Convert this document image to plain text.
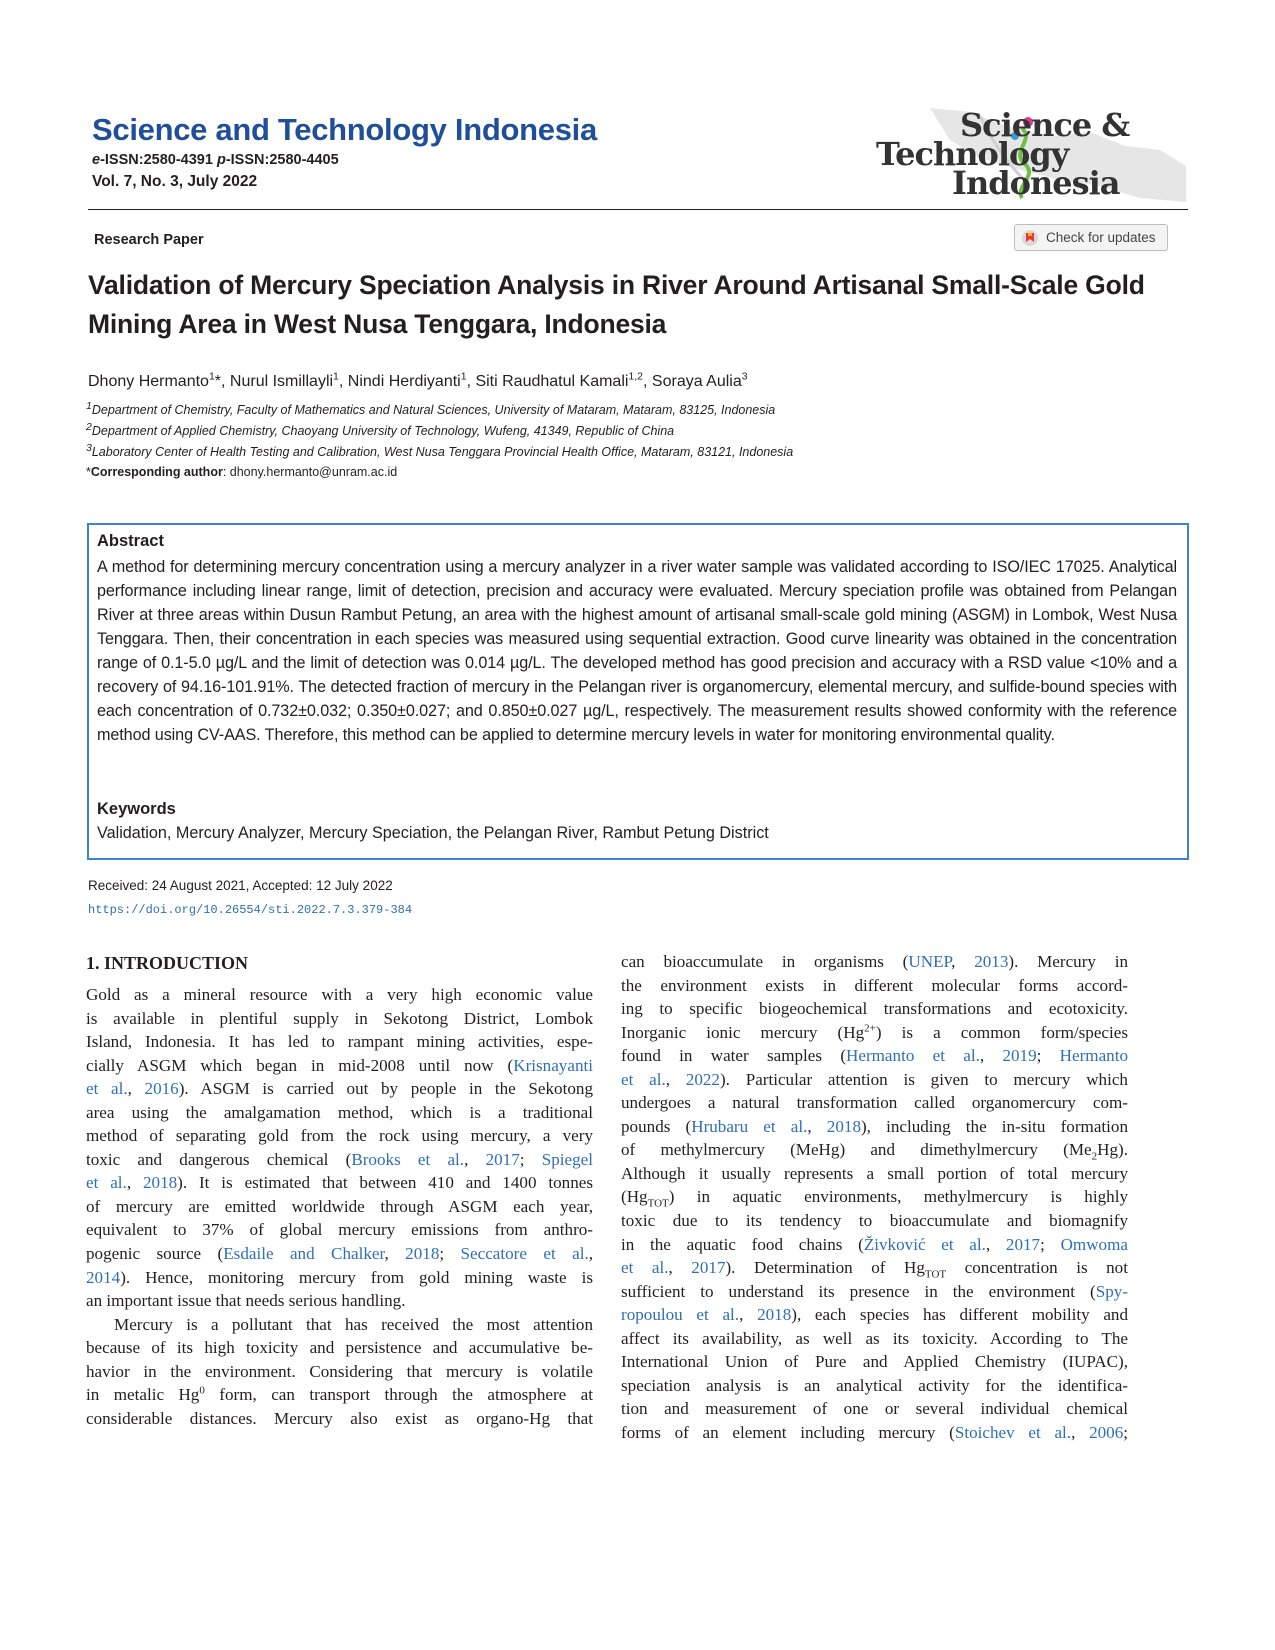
Science and Technology Indonesia
e-ISSN:2580-4391 p-ISSN:2580-4405
Vol. 7, No. 3, July 2022
Science &
Technology
Indonesia
Research Paper	Check for updates
Validation of Mercury Speciation Analysis in River Around Artisanal Small-Scale Gold Mining Area in West Nusa Tenggara, Indonesia
Dhony Hermanto$^1$*, Nurul Ismillayli$^1$, Nindi Herdiyanti$^1$, Siti Raudhatul Kamali$^{1,2}$, Soraya Aulia$^3$
$^1$Department of Chemistry, Faculty of Mathematics and Natural Sciences, University of Mataram, Mataram, 83125, Indonesia
$^2$Department of Applied Chemistry, Chaoyang University of Technology, Wufeng, 41349, Republic of China
$^3$Laboratory Center of Health Testing and Calibration, West Nusa Tenggara Provincial Health Office, Mataram, 83121, Indonesia
*Corresponding author: dhony.hermanto@unram.ac.id
Abstract
A method for determining mercury concentration using a mercury analyzer in a river water sample was validated according to ISO/IEC 17025. Analytical performance including linear range, limit of detection, precision and accuracy were evaluated. Mercury speciation profile was obtained from Pelangan River at three areas within Dusun Rambut Petung, an area with the highest amount of artisanal small-scale gold mining (ASGM) in Lombok, West Nusa Tenggara. Then, their concentration in each species was measured using sequential extraction. Good curve linearity was obtained in the concentration range of 0.1-5.0 µg/L and the limit of detection was 0.014 µg/L. The developed method has good precision and accuracy with a RSD value <10% and a recovery of 94.16-101.91%. The detected fraction of mercury in the Pelangan river is organomercury, elemental mercury, and sulfide-bound species with each concentration of 0.732±0.032; 0.350±0.027; and 0.850±0.027 µg/L, respectively. The measurement results showed conformity with the reference method using CV-AAS. Therefore, this method can be applied to determine mercury levels in water for monitoring environmental quality.
Keywords
Validation, Mercury Analyzer, Mercury Speciation, the Pelangan River, Rambut Petung District
Received: 24 August 2021, Accepted: 12 July 2022
https://doi.org/10.26554/sti.2022.7.3.379-384
1. INTRODUCTION
Gold as a mineral resource with a very high economic value
is available in plentiful supply in Sekotong District, Lombok
Island, Indonesia. It has led to rampant mining activities, espe-
cially ASGM which began in mid-2008 until now (Krisnayanti
et al., 2016). ASGM is carried out by people in the Sekotong
area using the amalgamation method, which is a traditional
method of separating gold from the rock using mercury, a very
toxic and dangerous chemical (Brooks et al., 2017; Spiegel
et al., 2018). It is estimated that between 410 and 1400 tonnes
of mercury are emitted worldwide through ASGM each year,
equivalent to 37% of global mercury emissions from anthro-
pogenic source (Esdaile and Chalker, 2018; Seccatore et al.,
2014). Hence, monitoring mercury from gold mining waste is
an important issue that needs serious handling.
Mercury is a pollutant that has received the most attention
because of its high toxicity and persistence and accumulative be-
havior in the environment. Considering that mercury is volatile
in metalic Hg$^0$ form, can transport through the atmosphere at
considerable distances. Mercury also exist as organo-Hg that
can bioaccumulate in organisms (UNEP, 2013). Mercury in
the environment exists in different molecular forms accord-
ing to specific biogeochemical transformations and ecotoxicity.
Inorganic ionic mercury $(Hg^{2+})$ is a common form/species
found in water samples (Hermanto et al., 2019; Hermanto
et al., 2022). Particular attention is given to mercury which
undergoes a natural transformation called organomercury com-
pounds (Hrubaru et al., 2018), including the in-situ formation
of methylmercury (MeHg) and dimethylmercury $(Me_2Hg)$.
Although it usually represents a small portion of total mercury
$(Hg_{TOT})$ in aquatic environments, methylmercury is highly
toxic due to its tendency to bioaccumulate and biomagnify
in the aquatic food chains (Živković et al., 2017; Omwoma
et al., 2017). Determination of $Hg_{TOT}$ concentration is not
sufficient to understand its presence in the environment (Spy-
ropoulou et al., 2018), each species has different mobility and
affect its availability, as well as its toxicity. According to The
International Union of Pure and Applied Chemistry (IUPAC),
speciation analysis is an analytical activity for the identifica-
tion and measurement of one or several individual chemical
forms of an element including mercury (Stoichev et al., 2006;
